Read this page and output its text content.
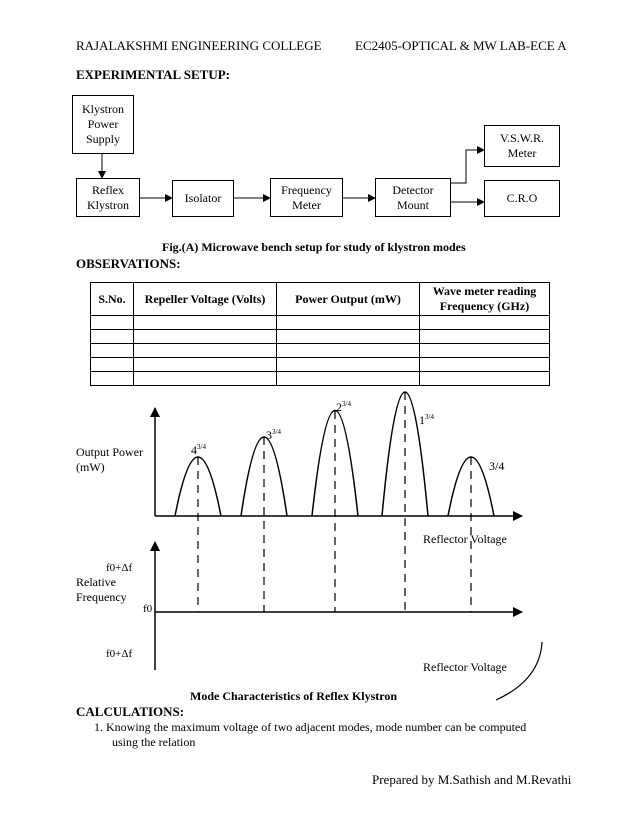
RAJALAKSHMI ENGINEERING COLLEGE	EC2405-OPTICAL & MW LAB-ECE A
EXPERIMENTAL SETUP:
Klystron Power Supply
Reflex Klystron	Isolator
Frequency Meter
Detector Mount
V.S.W.R. Meter
C.R.O
Fig.(A) Microwave bench setup for study of klystron modes
OBSERVATIONS:
S.No.	Repeller Voltage (Volts)	Power Output (mW)	Wave meter reading Frequency (GHz)

$4^{3/4}$
$3^{3/4}$
$2^{3/4}$
$1^{3/4}$
3/4
Output Power (mW)
Reflector Voltage
Relative Frequency
Reflector Voltage
f0+Δf
f0
f0+Δf
Mode Characteristics of Reflex Klystron
CALCULATIONS:
1. Knowing the maximum voltage of two adjacent modes, mode number can be computed
using the relation
Prepared by M.Sathish and M.Revathi
